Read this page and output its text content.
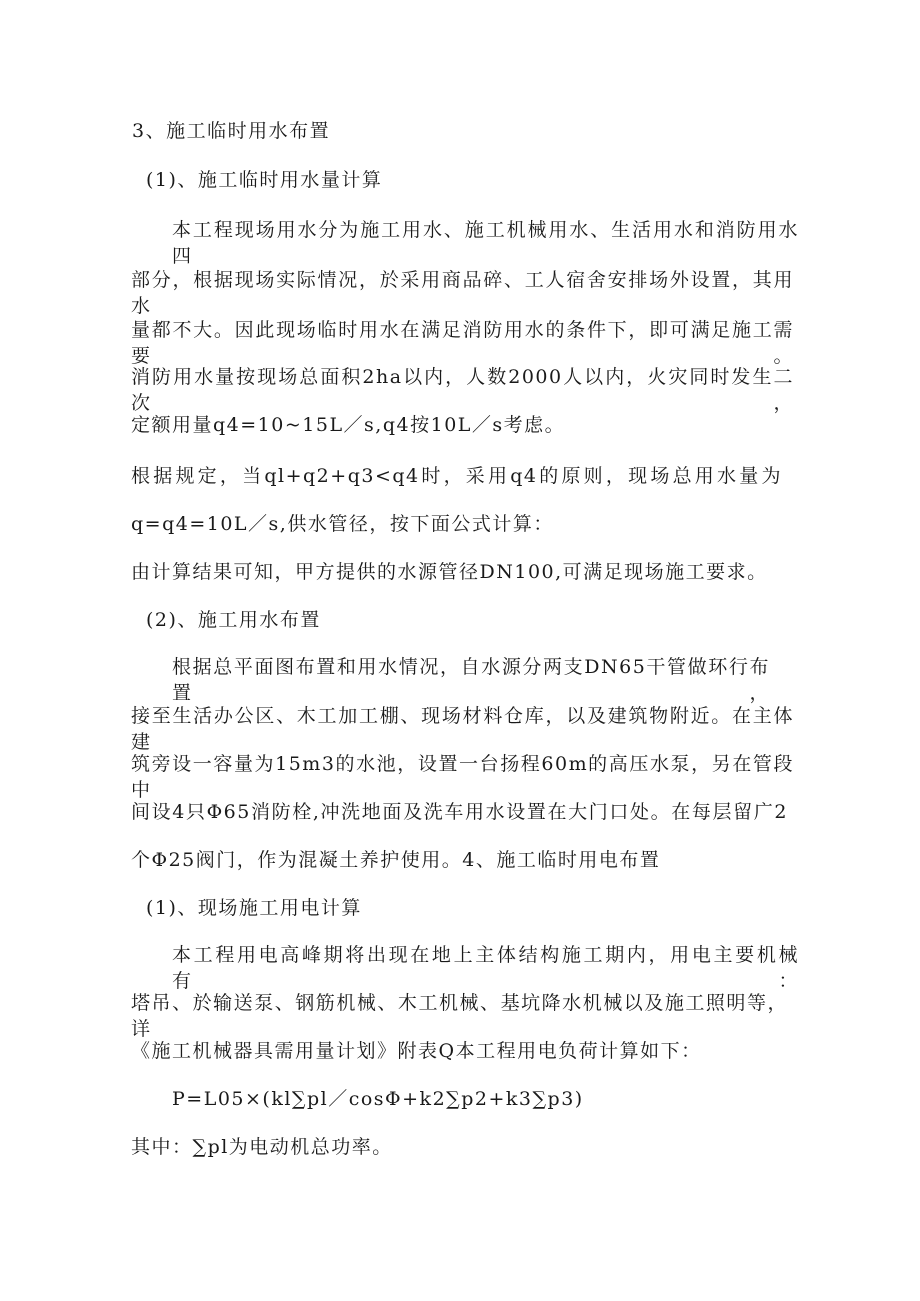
3、施工临时用水布置
(1)、施工临时用水量计算
本工程现场用水分为施工用水、施工机械用水、生活用水和消防用水四
部分，根据现场实际情况，於采用商品碎、工人宿舍安排场外设置，其用水
量都不大。因此现场临时用水在满足消防用水的条件下，即可满足施工需要。
消防用水量按现场总面积2ha以内，人数2000人以内，火灾同时发生二次，
定额用量q4=10~15L／s,q4按10L／s考虑。
根据规定，当ql+q2+q3<q4时，采用q4的原则，现场总用水量为
q=q4=10L／s,供水管径，按下面公式计算：
由计算结果可知，甲方提供的水源管径DN100,可满足现场施工要求。
(2)、施工用水布置
根据总平面图布置和用水情况，自水源分两支DN65干管做环行布置，
接至生活办公区、木工加工棚、现场材料仓库，以及建筑物附近。在主体建
筑旁设一容量为15m3的水池，设置一台扬程60m的高压水泵，另在管段中
间设4只Φ65消防栓,冲洗地面及洗车用水设置在大门口处。在每层留广2
个Φ25阀门，作为混凝土养护使用。4、施工临时用电布置
(1)、现场施工用电计算
本工程用电高峰期将出现在地上主体结构施工期内，用电主要机械有：
塔吊、於输送泵、钢筋机械、木工机械、基坑降水机械以及施工照明等，详
《施工机械器具需用量计划》附表Q本工程用电负荷计算如下：
P=L05×(kl∑pl／cosΦ+k2∑p2+k3∑p3)
其中：∑pl为电动机总功率。
